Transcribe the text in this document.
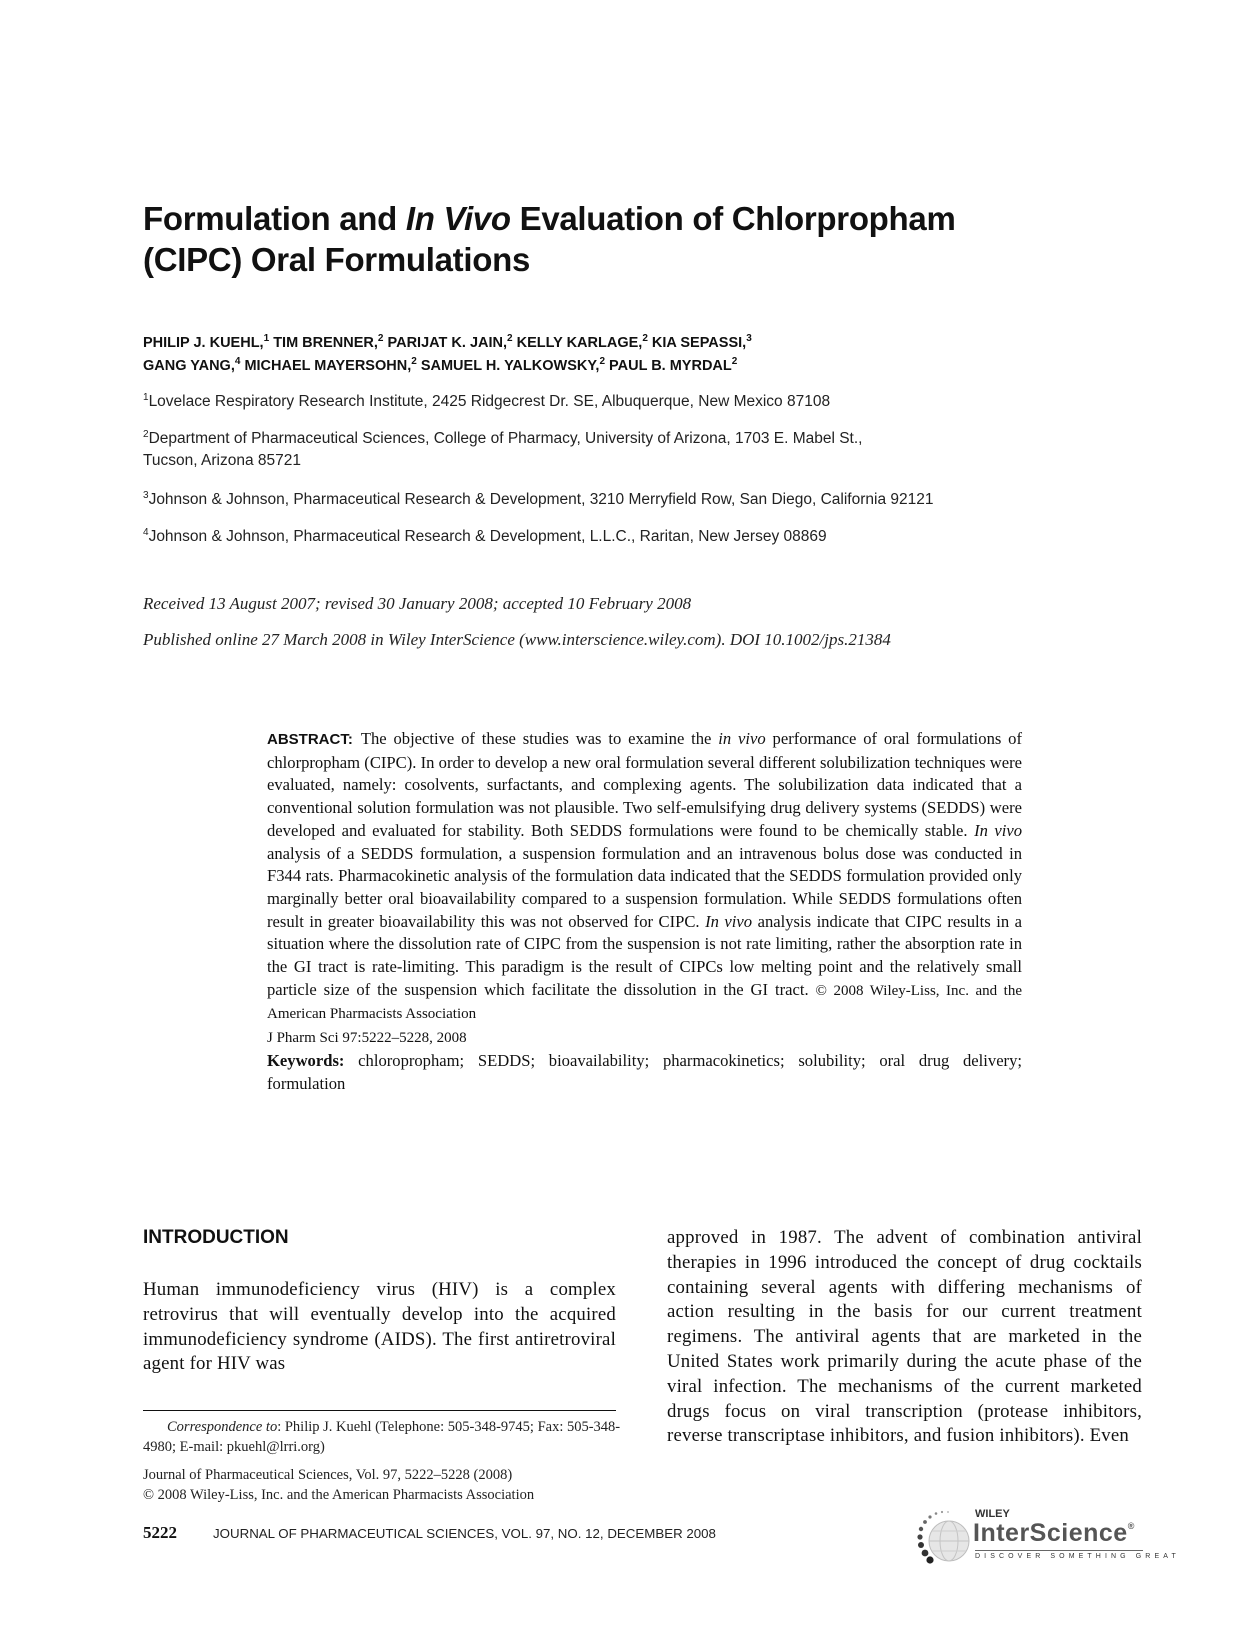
Formulation and In Vivo Evaluation of Chlorpropham
(CIPC) Oral Formulations
PHILIP J. KUEHL,$^1$ TIM BRENNER,$^2$ PARIJAT K. JAIN,$^2$ KELLY KARLAGE,$^2$ KIA SEPASSI,$^3$
GANG YANG,$^4$ MICHAEL MAYERSOHN,$^2$ SAMUEL H. YALKOWSKY,$^2$ PAUL B. MYRDAL$^2$
$^1$Lovelace Respiratory Research Institute, 2425 Ridgecrest Dr. SE, Albuquerque, New Mexico 87108
$^2$Department of Pharmaceutical Sciences, College of Pharmacy, University of Arizona, 1703 E. Mabel St.,
Tucson, Arizona 85721
$^3$Johnson & Johnson, Pharmaceutical Research & Development, 3210 Merryfield Row, San Diego, California 92121
$^4$Johnson & Johnson, Pharmaceutical Research & Development, L.L.C., Raritan, New Jersey 08869
Received 13 August 2007; revised 30 January 2008; accepted 10 February 2008
Published online 27 March 2008 in Wiley InterScience (www.interscience.wiley.com). DOI 10.1002/jps.21384
ABSTRACT: The objective of these studies was to examine the in vivo performance of oral formulations of chlorpropham (CIPC). In order to develop a new oral formulation several different solubilization techniques were evaluated, namely: cosolvents, surfactants, and complexing agents. The solubilization data indicated that a conventional solution formulation was not plausible. Two self-emulsifying drug delivery systems (SEDDS) were developed and evaluated for stability. Both SEDDS formulations were found to be chemically stable. In vivo analysis of a SEDDS formulation, a suspension formulation and an intravenous bolus dose was conducted in F344 rats. Pharmacokinetic analysis of the formulation data indicated that the SEDDS formulation provided only marginally better oral bioavailability compared to a suspension formulation. While SEDDS formulations often result in greater bioavailability this was not observed for CIPC. In vivo analysis indicate that CIPC results in a situation where the dissolution rate of CIPC from the suspension is not rate limiting, rather the absorption rate in the GI tract is rate-limiting. This paradigm is the result of CIPCs low melting point and the relatively small particle size of the suspension which facilitate the dissolution in the GI tract. © 2008 Wiley-Liss, Inc. and the American Pharmacists Association
J Pharm Sci 97:5222–5228, 2008
Keywords: chloropropham; SEDDS; bioavailability; pharmacokinetics; solubility; oral drug delivery; formulation
INTRODUCTION
Human immunodeficiency virus (HIV) is a complex retrovirus that will eventually develop into the acquired immunodeficiency syndrome (AIDS). The first antiretroviral agent for HIV was
approved in 1987. The advent of combination antiviral therapies in 1996 introduced the concept of drug cocktails containing several agents with differing mechanisms of action resulting in the basis for our current treatment regimens. The antiviral agents that are marketed in the United States work primarily during the acute phase of the viral infection. The mechanisms of the current marketed drugs focus on viral transcription (protease inhibitors, reverse transcriptase inhibitors, and fusion inhibitors). Even
Correspondence to: Philip J. Kuehl (Telephone: 505-348-9745; Fax: 505-348-4980; E-mail: pkuehl@lrri.org)
Journal of Pharmaceutical Sciences, Vol. 97, 5222–5228 (2008)
© 2008 Wiley-Liss, Inc. and the American Pharmacists Association
5222	JOURNAL OF PHARMACEUTICAL SCIENCES, VOL. 97, NO. 12, DECEMBER 2008
WILEY
InterScience®
DISCOVER SOMETHING GREAT
